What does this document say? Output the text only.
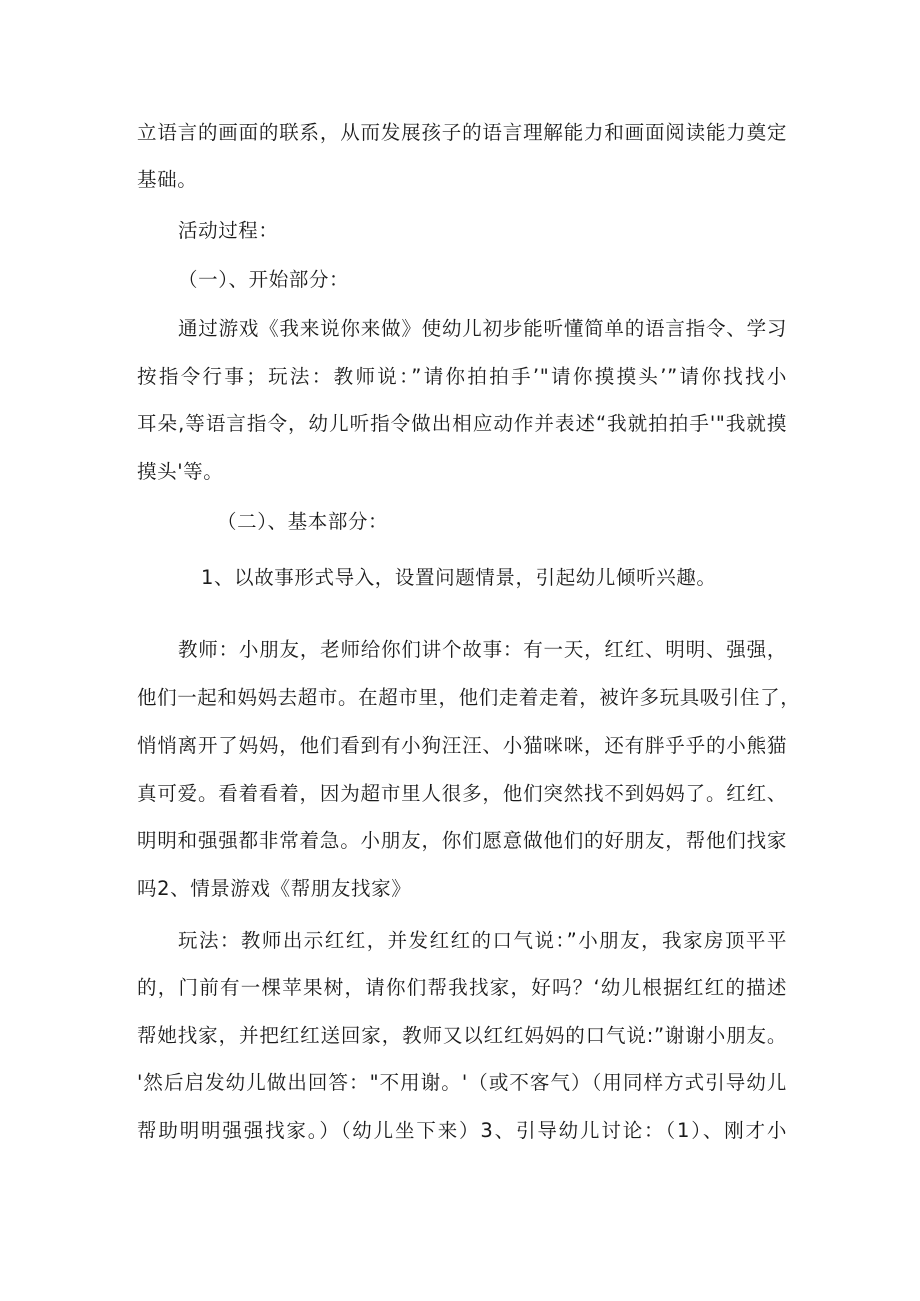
立语言的画面的联系，从而发展孩子的语言理解能力和画面阅读能力奠定
基础。
活动过程：
（一）、开始部分：
通过游戏《我来说你来做》使幼儿初步能听懂简单的语言指令、学习
按指令行事；玩法：教师说：”请你拍拍手’"请你摸摸头’”请你找找小
耳朵,等语言指令，幼儿听指令做出相应动作并表述“我就拍拍手'"我就摸
摸头'等。
（二）、基本部分：
1、以故事形式导入，设置问题情景，引起幼儿倾听兴趣。
教师：小朋友，老师给你们讲个故事：有一天，红红、明明、强强，
他们一起和妈妈去超市。在超市里，他们走着走着，被许多玩具吸引住了，
悄悄离开了妈妈，他们看到有小狗汪汪、小猫咪咪，还有胖乎乎的小熊猫
真可爱。看着看着，因为超市里人很多，他们突然找不到妈妈了。红红、
明明和强强都非常着急。小朋友，你们愿意做他们的好朋友，帮他们找家
吗2、情景游戏《帮朋友找家》
玩法：教师出示红红，并发红红的口气说：”小朋友，我家房顶平平
的，门前有一棵苹果树，请你们帮我找家，好吗？‘幼儿根据红红的描述
帮她找家，并把红红送回家，教师又以红红妈妈的口气说:”谢谢小朋友。
'然后启发幼儿做出回答："不用谢。'（或不客气）（用同样方式引导幼儿
帮助明明强强找家。）（幼儿坐下来）3、引导幼儿讨论：（1）、刚才小
